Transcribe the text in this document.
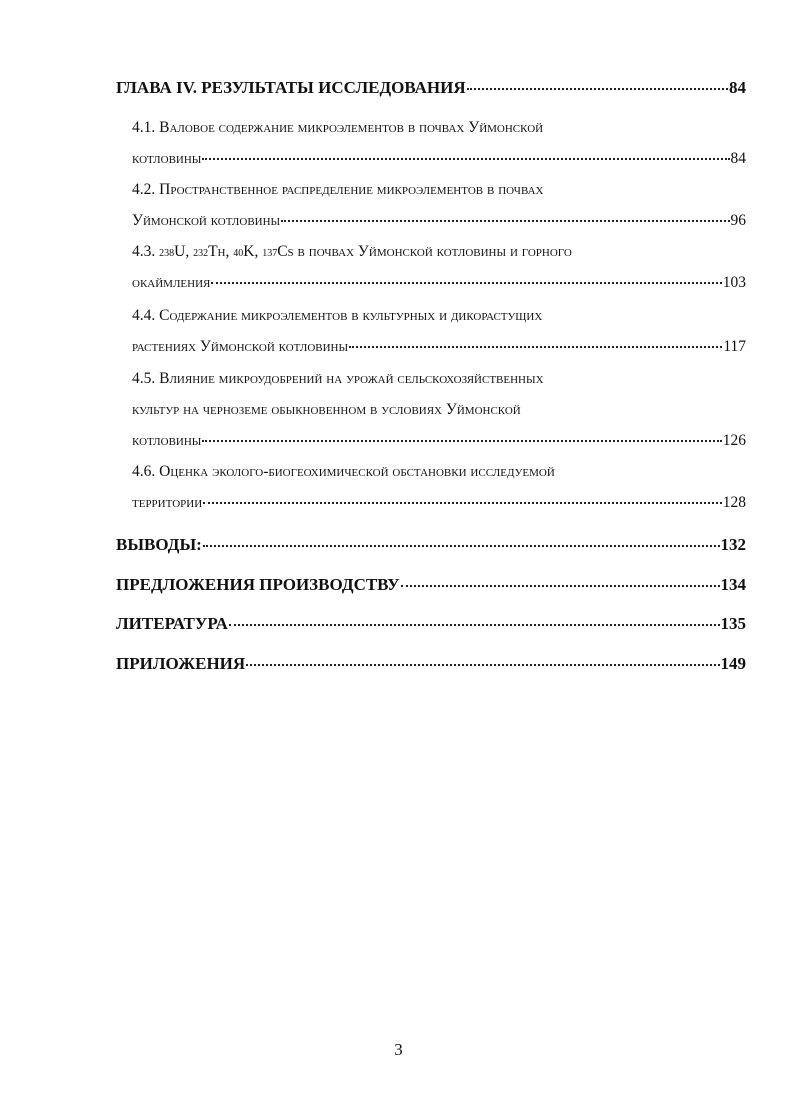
ГЛАВА IV. РЕЗУЛЬТАТЫ ИССЛЕДОВАНИЯ	84
4.1. Валовое содержание микроэлементов в почвах Уймонской
котловины	84
4.2. Пространственное распределение микроэлементов в почвах
Уймонской котловины	96
4.3.
238 U,
232 Th,
40 K,
137 Cs
в почвах Уймонской котловины и горного
окаймления	103
4.4. Содержание микроэлементов в культурных и дикорастущих
растениях Уймонской котловины	117
4.5. Влияние микроудобрений на урожай сельскохозяйственных
культур на черноземе обыкновенном в условиях Уймонской
котловины	126
4.6. Оценка эколого-биогеохимической обстановки исследуемой
территории	128
ВЫВОДЫ:	132
ПРЕДЛОЖЕНИЯ ПРОИЗВОДСТВУ	134
ЛИТЕРАТУРА	135
ПРИЛОЖЕНИЯ	149
3
